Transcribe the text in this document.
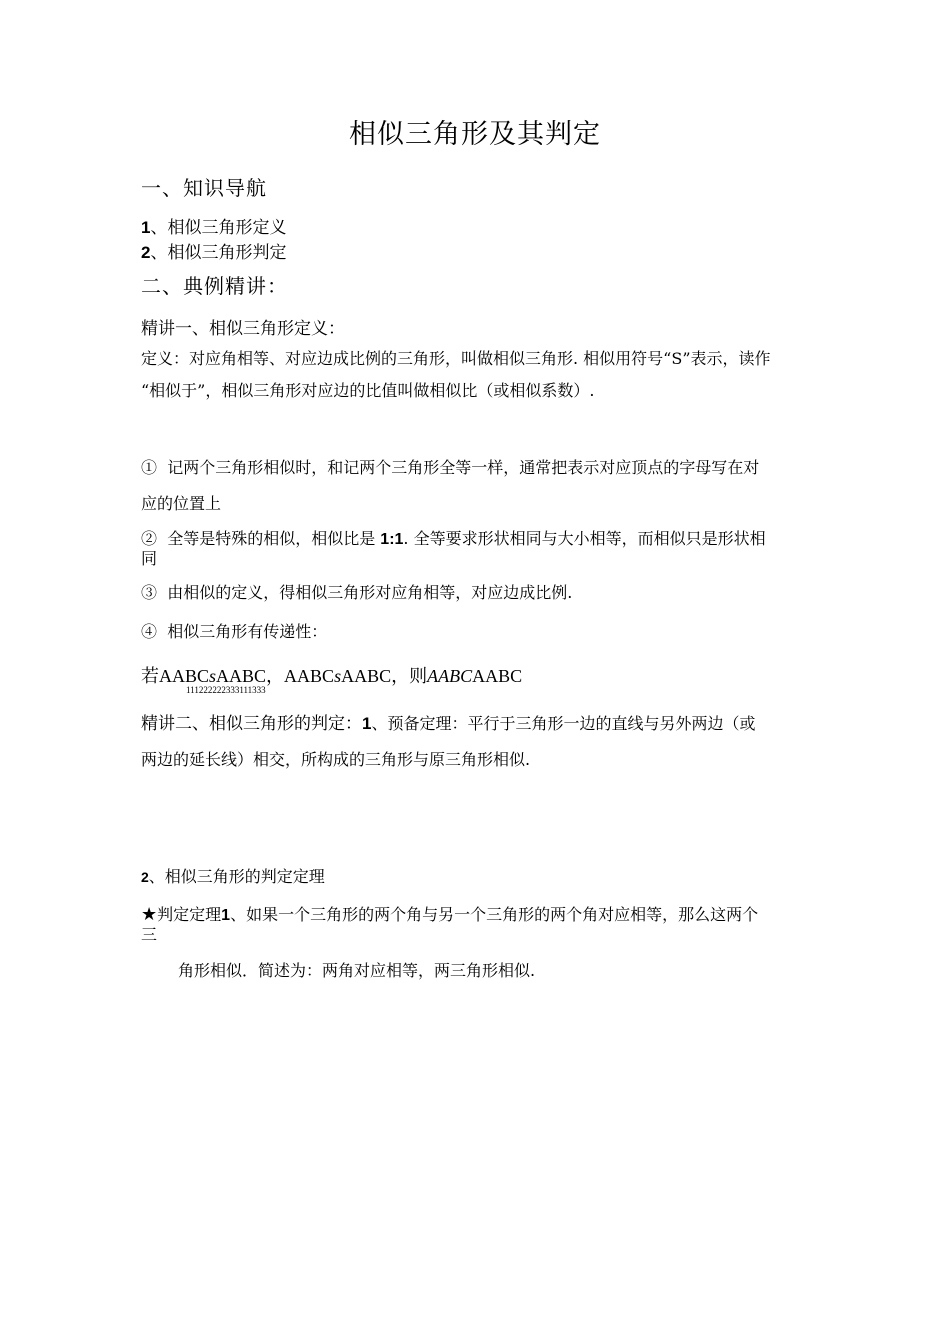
相似三角形及其判定
一、知识导航
1、相似三角形定义
2、相似三角形判定
二、典例精讲：
精讲一、相似三角形定义：
定义：对应角相等、对应边成比例的三角形，叫做相似三角形. 相似用符号“S”表示，读作
“相似于”，相似三角形对应边的比值叫做相似比（或相似系数）.
① 记两个三角形相似时，和记两个三角形全等一样，通常把表示对应顶点的字母写在对
应的位置上
② 全等是特殊的相似，相似比是 1:1. 全等要求形状相同与大小相等，而相似只是形状相
同
③ 由相似的定义，得相似三角形对应角相等，对应边成比例.
④ 相似三角形有传递性：
若AABCsAABC，AABCsAABC，则AABCAABC
111222222333111333
精讲二、相似三角形的判定：1、预备定理：平行于三角形一边的直线与另外两边（或
两边的延长线）相交，所构成的三角形与原三角形相似.
2、相似三角形的判定定理
★判定定理1、如果一个三角形的两个角与另一个三角形的两个角对应相等，那么这两个
三
角形相似．简述为：两角对应相等，两三角形相似.
